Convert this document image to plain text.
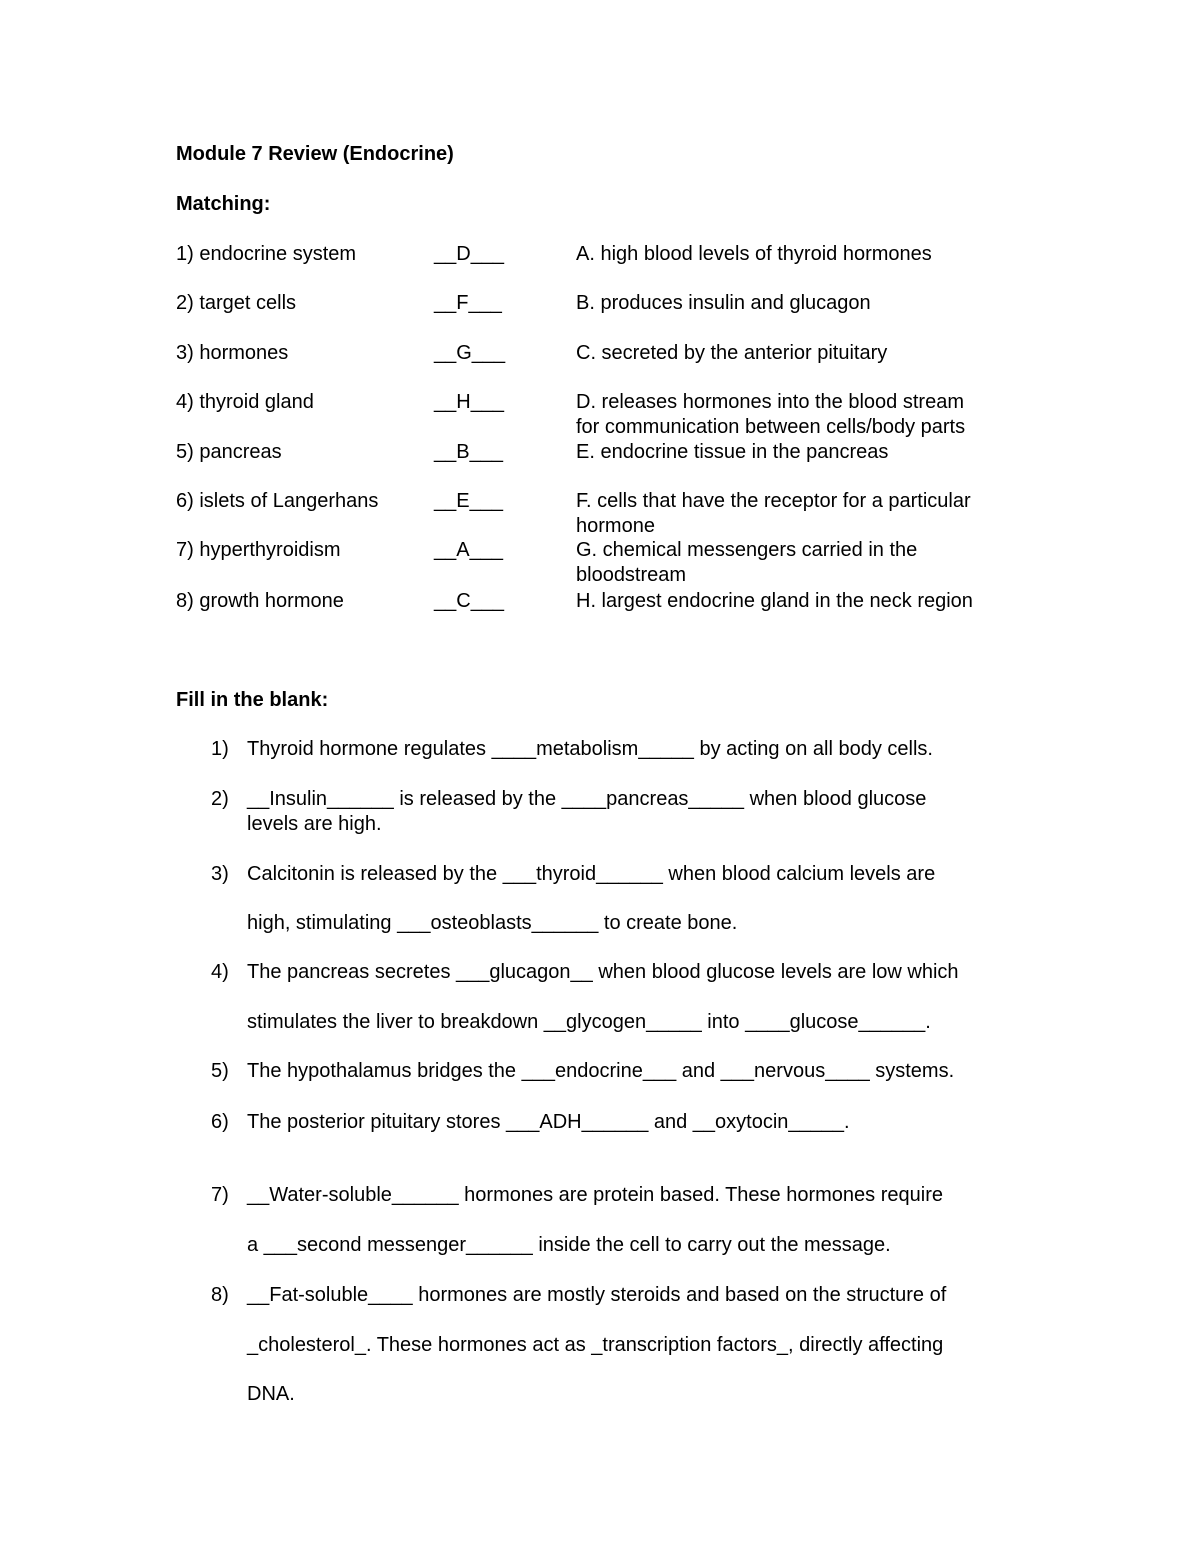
Module 7 Review (Endocrine)
Matching:
1) endocrine system
2) target cells
3) hormones
4) thyroid gland
5) pancreas
6) islets of Langerhans
7) hyperthyroidism
8) growth hormone
__D___
__F___
__G___
__H___
__B___
__E___
__A___
__C___
A. high blood levels of thyroid hormones
B. produces insulin and glucagon
C. secreted by the anterior pituitary
D. releases hormones into the blood stream
for communication between cells/body parts
E. endocrine tissue in the pancreas
F. cells that have the receptor for a particular
hormone
G. chemical messengers carried in the
bloodstream
H. largest endocrine gland in the neck region
Fill in the blank:
1) Thyroid hormone regulates ____metabolism_____ by acting on all body cells.
2) __Insulin______ is released by the ____pancreas_____ when blood glucose
levels are high.
3) Calcitonin is released by the ___thyroid______ when blood calcium levels are
high, stimulating ___osteoblasts______ to create bone.
4) The pancreas secretes ___glucagon__ when blood glucose levels are low which
stimulates the liver to breakdown __glycogen_____ into ____glucose______.
5) The hypothalamus bridges the ___endocrine___ and ___nervous____ systems.
6) The posterior pituitary stores ___ADH______ and __oxytocin_____.
7) __Water-soluble______ hormones are protein based. These hormones require
a ___second messenger______ inside the cell to carry out the message.
8) __Fat-soluble____ hormones are mostly steroids and based on the structure of
_cholesterol_. These hormones act as _transcription factors_, directly affecting
DNA.
